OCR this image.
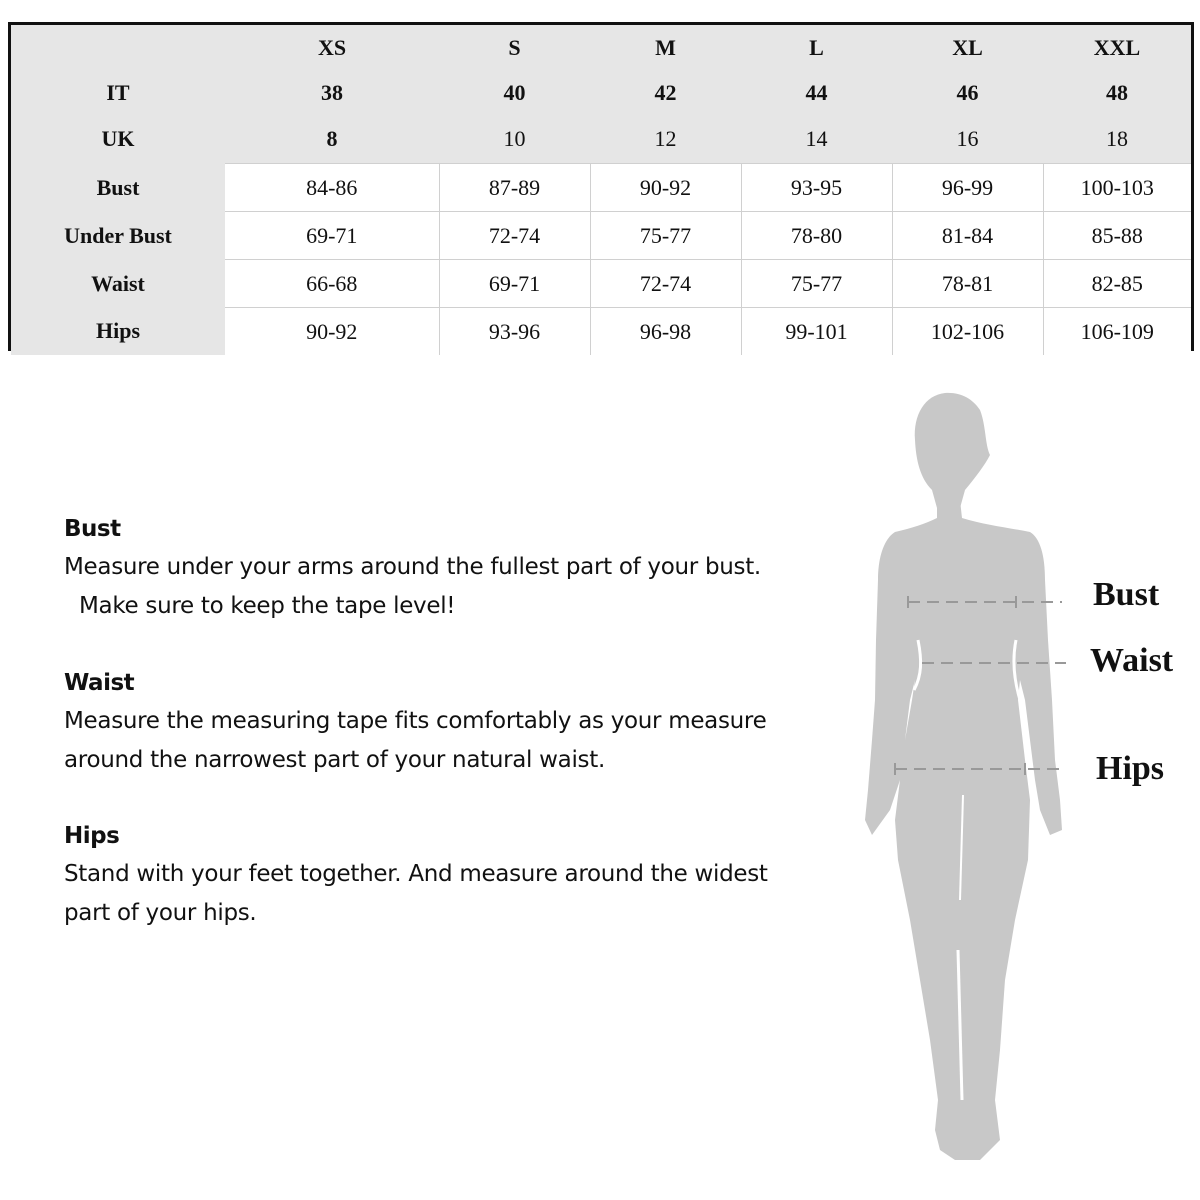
	XS	S	M	L	XL	XXL
IT	38	40	42	44	46	48
UK	8	10	12	14	16	18
Bust	84-86	87-89	90-92	93-95	96-99	100-103
Under Bust	69-71	72-74	75-77	78-80	81-84	85-88
Waist	66-68	69-71	72-74	75-77	78-81	82-85
Hips	90-92	93-96	96-98	99-101	102-106	106-109
Bust
Measure under your arms around the fullest part of your bust.
Make sure to keep the tape level!
Waist
Measure the measuring tape fits comfortably as your measure
around the narrowest part of your natural waist.
Hips
Stand with your feet together. And measure around the widest
part of your hips.
Bust
Waist
Hips
